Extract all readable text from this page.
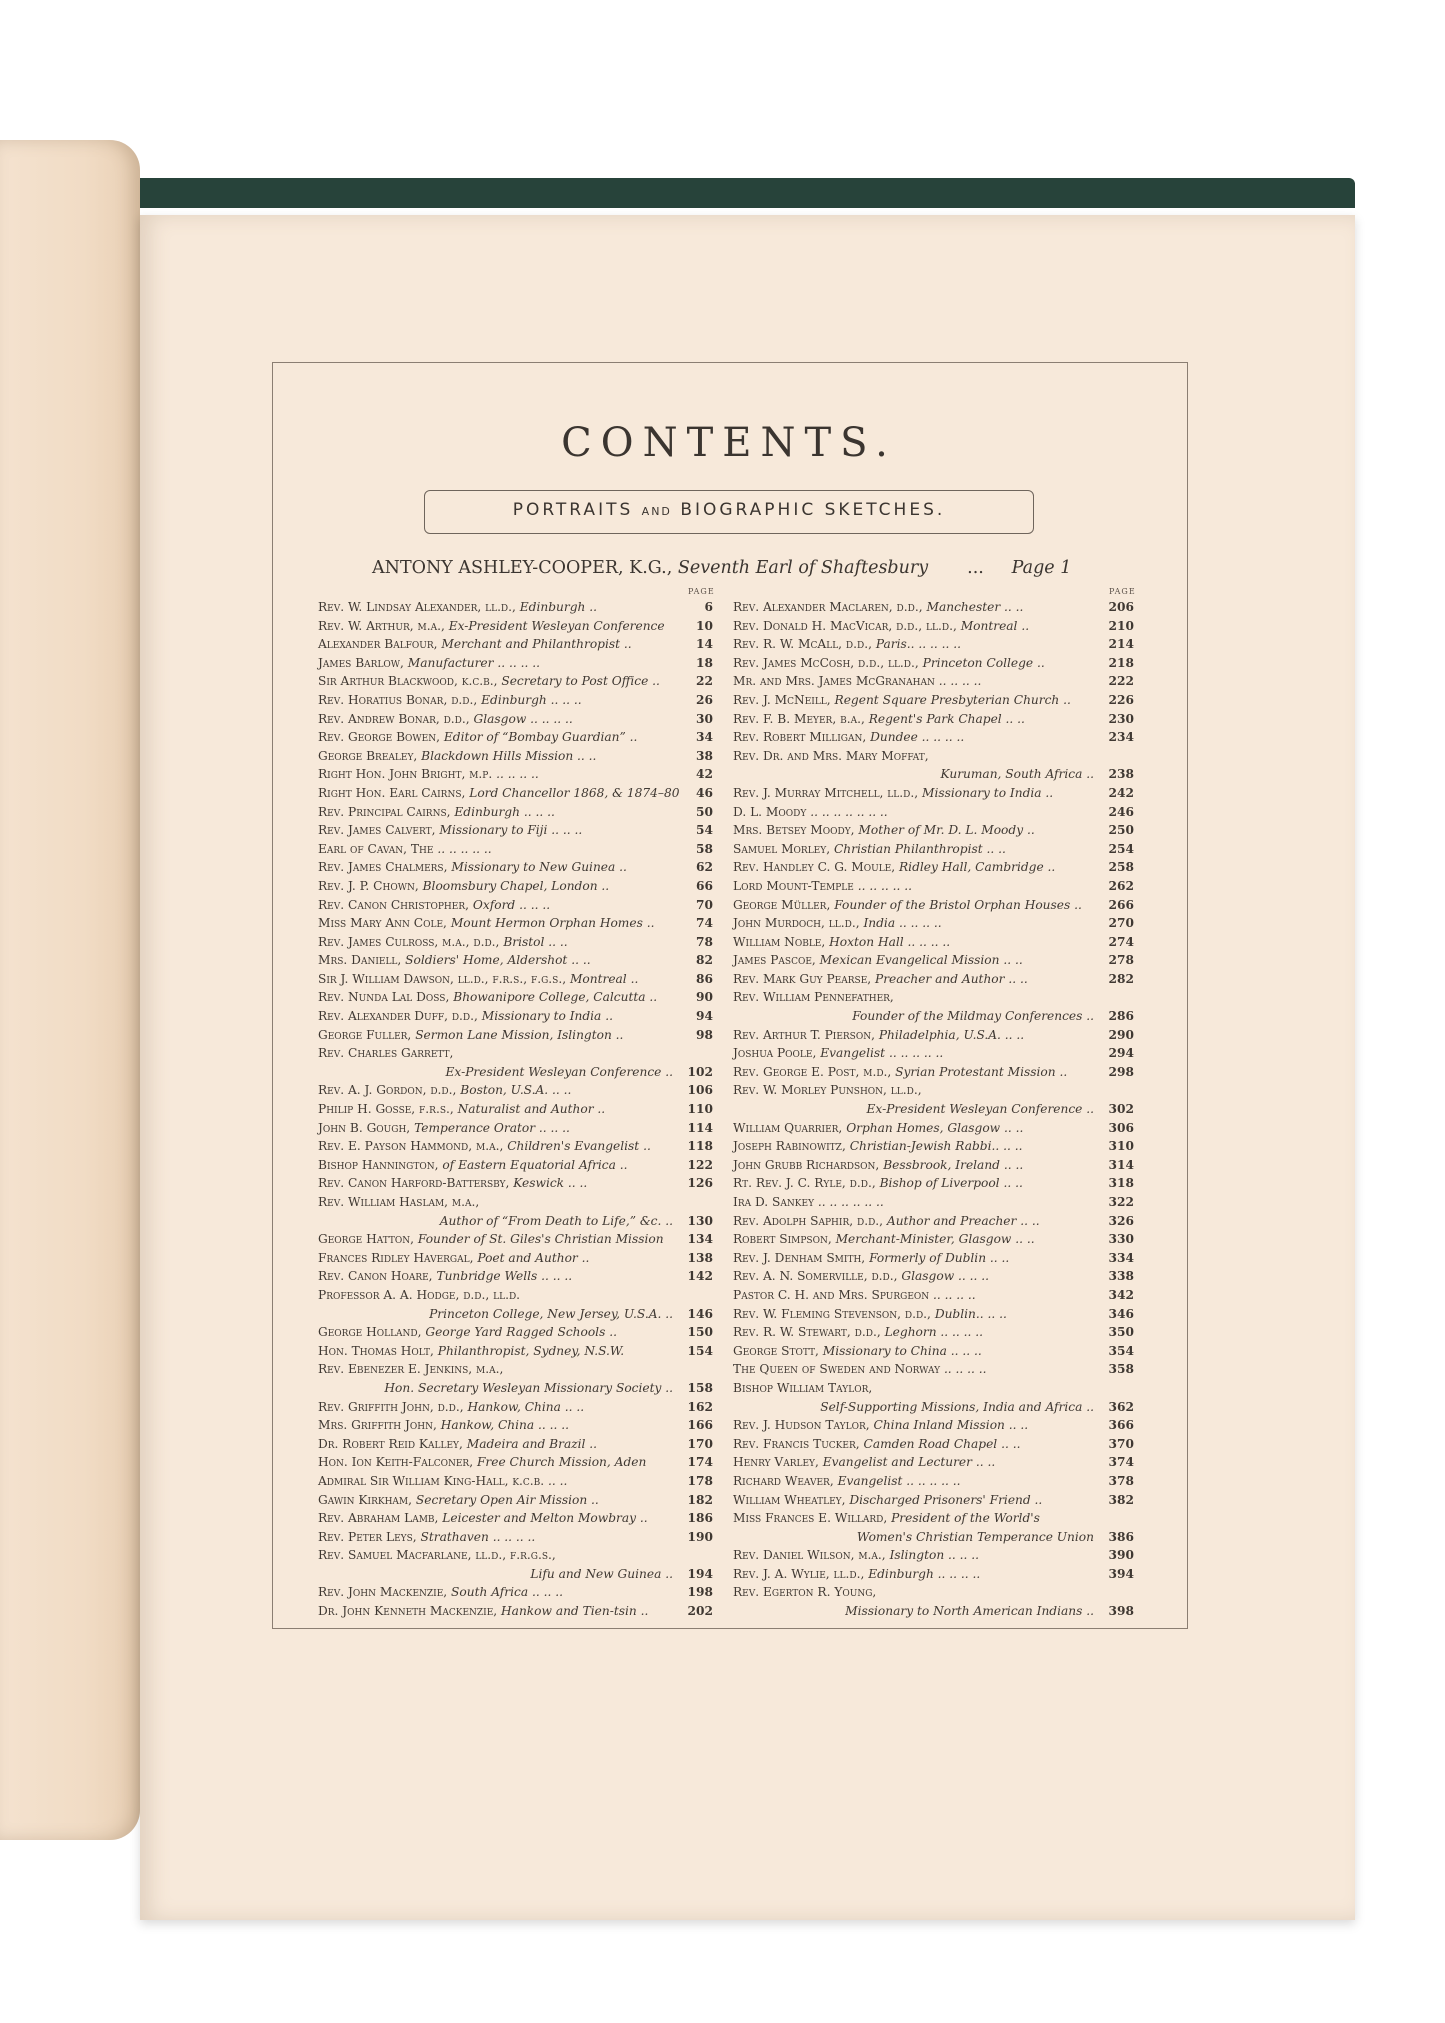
CONTENTS.
PORTRAITS AND BIOGRAPHIC SKETCHES.
ANTONY ASHLEY-COOPER, K.G., Seventh Earl of Shaftesbury ... Page 1
PAGE	PAGE
Rev. W. Lindsay Alexander, ll.d., Edinburgh ..	6
Rev. W. Arthur, m.a., Ex-President Wesleyan Conference	10
Alexander Balfour, Merchant and Philanthropist ..	14
James Barlow, Manufacturer .. .. .. ..	18
Sir Arthur Blackwood, k.c.b., Secretary to Post Office ..	22
Rev. Horatius Bonar, d.d., Edinburgh .. .. ..	26
Rev. Andrew Bonar, d.d., Glasgow .. .. .. ..	30
Rev. George Bowen, Editor of “Bombay Guardian” ..	34
George Brealey, Blackdown Hills Mission .. ..	38
Right Hon. John Bright, m.p. .. .. .. ..	42
Right Hon. Earl Cairns, Lord Chancellor 1868, & 1874–80 46
Rev. Principal Cairns, Edinburgh .. .. ..	50
Rev. James Calvert, Missionary to Fiji .. .. ..	54
Earl of Cavan, The .. .. .. .. ..	58
Rev. James Chalmers, Missionary to New Guinea ..	62
Rev. J. P. Chown, Bloomsbury Chapel, London ..	66
Rev. Canon Christopher, Oxford .. .. ..	70
Miss Mary Ann Cole, Mount Hermon Orphan Homes ..	74
Rev. James Culross, m.a., d.d., Bristol .. ..	78
Mrs. Daniell, Soldiers' Home, Aldershot .. ..	82
Sir J. William Dawson, ll.d., f.r.s., f.g.s., Montreal ..	86
Rev. Nunda Lal Doss, Bhowanipore College, Calcutta ..	90
Rev. Alexander Duff, d.d., Missionary to India ..	94
George Fuller, Sermon Lane Mission, Islington ..	98
Rev. Charles Garrett,
Ex-President Wesleyan Conference .. 102
Rev. A. J. Gordon, d.d., Boston, U.S.A. .. ..	106
Philip H. Gosse, f.r.s., Naturalist and Author ..	110
John B. Gough, Temperance Orator .. .. ..	114
Rev. E. Payson Hammond, m.a., Children's Evangelist ..	118
Bishop Hannington, of Eastern Equatorial Africa ..	122
Rev. Canon Harford-Battersby, Keswick .. ..	126
Rev. William Haslam, m.a.,
Author of “From Death to Life,” &c. .. 130
George Hatton, Founder of St. Giles's Christian Mission 134
Frances Ridley Havergal, Poet and Author ..	138
Rev. Canon Hoare, Tunbridge Wells .. .. ..	142
Professor A. A. Hodge, d.d., ll.d.
Princeton College, New Jersey, U.S.A. .. 146
George Holland, George Yard Ragged Schools ..	150
Hon. Thomas Holt, Philanthropist, Sydney, N.S.W.	154
Rev. Ebenezer E. Jenkins, m.a.,
Hon. Secretary Wesleyan Missionary Society .. 158
Rev. Griffith John, d.d., Hankow, China .. ..	162
Mrs. Griffith John, Hankow, China .. .. ..	166
Dr. Robert Reid Kalley, Madeira and Brazil ..	170
Hon. Ion Keith-Falconer, Free Church Mission, Aden	174
Admiral Sir William King-Hall, k.c.b. .. ..	178
Gawin Kirkham, Secretary Open Air Mission ..	182
Rev. Abraham Lamb, Leicester and Melton Mowbray ..	186
Rev. Peter Leys, Strathaven .. .. .. ..	190
Rev. Samuel Macfarlane, ll.d., f.r.g.s.,
Lifu and New Guinea .. 194
Rev. John Mackenzie, South Africa .. .. ..	198
Dr. John Kenneth Mackenzie, Hankow and Tien-tsin ..	202
Rev. Alexander Maclaren, d.d., Manchester .. ..	206
Rev. Donald H. MacVicar, d.d., ll.d., Montreal ..	210
Rev. R. W. McAll, d.d., Paris.. .. .. .. ..	214
Rev. James McCosh, d.d., ll.d., Princeton College ..	218
Mr. and Mrs. James McGranahan .. .. .. ..	222
Rev. J. McNeill, Regent Square Presbyterian Church ..	226
Rev. F. B. Meyer, b.a., Regent's Park Chapel .. ..	230
Rev. Robert Milligan, Dundee .. .. .. ..	234
Rev. Dr. and Mrs. Mary Moffat,
Kuruman, South Africa .. 238
Rev. J. Murray Mitchell, ll.d., Missionary to India ..	242
D. L. Moody .. .. .. .. .. .. ..	246
Mrs. Betsey Moody, Mother of Mr. D. L. Moody ..	250
Samuel Morley, Christian Philanthropist .. ..	254
Rev. Handley C. G. Moule, Ridley Hall, Cambridge ..	258
Lord Mount-Temple .. .. .. .. ..	262
George Müller, Founder of the Bristol Orphan Houses .. 266
John Murdoch, ll.d., India .. .. .. ..	270
William Noble, Hoxton Hall .. .. .. ..	274
James Pascoe, Mexican Evangelical Mission .. ..	278
Rev. Mark Guy Pearse, Preacher and Author .. ..	282
Rev. William Pennefather,
Founder of the Mildmay Conferences .. 286
Rev. Arthur T. Pierson, Philadelphia, U.S.A. .. ..	290
Joshua Poole, Evangelist .. .. .. .. ..	294
Rev. George E. Post, m.d., Syrian Protestant Mission ..	298
Rev. W. Morley Punshon, ll.d.,
Ex-President Wesleyan Conference .. 302
William Quarrier, Orphan Homes, Glasgow .. ..	306
Joseph Rabinowitz, Christian-Jewish Rabbi.. .. ..	310
John Grubb Richardson, Bessbrook, Ireland .. ..	314
Rt. Rev. J. C. Ryle, d.d., Bishop of Liverpool .. ..	318
Ira D. Sankey .. .. .. .. .. ..	322
Rev. Adolph Saphir, d.d., Author and Preacher .. ..	326
Robert Simpson, Merchant-Minister, Glasgow .. ..	330
Rev. J. Denham Smith, Formerly of Dublin .. ..	334
Rev. A. N. Somerville, d.d., Glasgow .. .. ..	338
Pastor C. H. and Mrs. Spurgeon .. .. .. ..	342
Rev. W. Fleming Stevenson, d.d., Dublin.. .. ..	346
Rev. R. W. Stewart, d.d., Leghorn .. .. .. ..	350
George Stott, Missionary to China .. .. ..	354
The Queen of Sweden and Norway .. .. .. ..	358
Bishop William Taylor,
Self-Supporting Missions, India and Africa .. 362
Rev. J. Hudson Taylor, China Inland Mission .. ..	366
Rev. Francis Tucker, Camden Road Chapel .. ..	370
Henry Varley, Evangelist and Lecturer .. ..	374
Richard Weaver, Evangelist .. .. .. .. ..	378
William Wheatley, Discharged Prisoners' Friend ..	382
Miss Frances E. Willard, President of the World's
Women's Christian Temperance Union 386
Rev. Daniel Wilson, m.a., Islington .. .. ..	390
Rev. J. A. Wylie, ll.d., Edinburgh .. .. .. ..	394
Rev. Egerton R. Young,
Missionary to North American Indians .. 398
